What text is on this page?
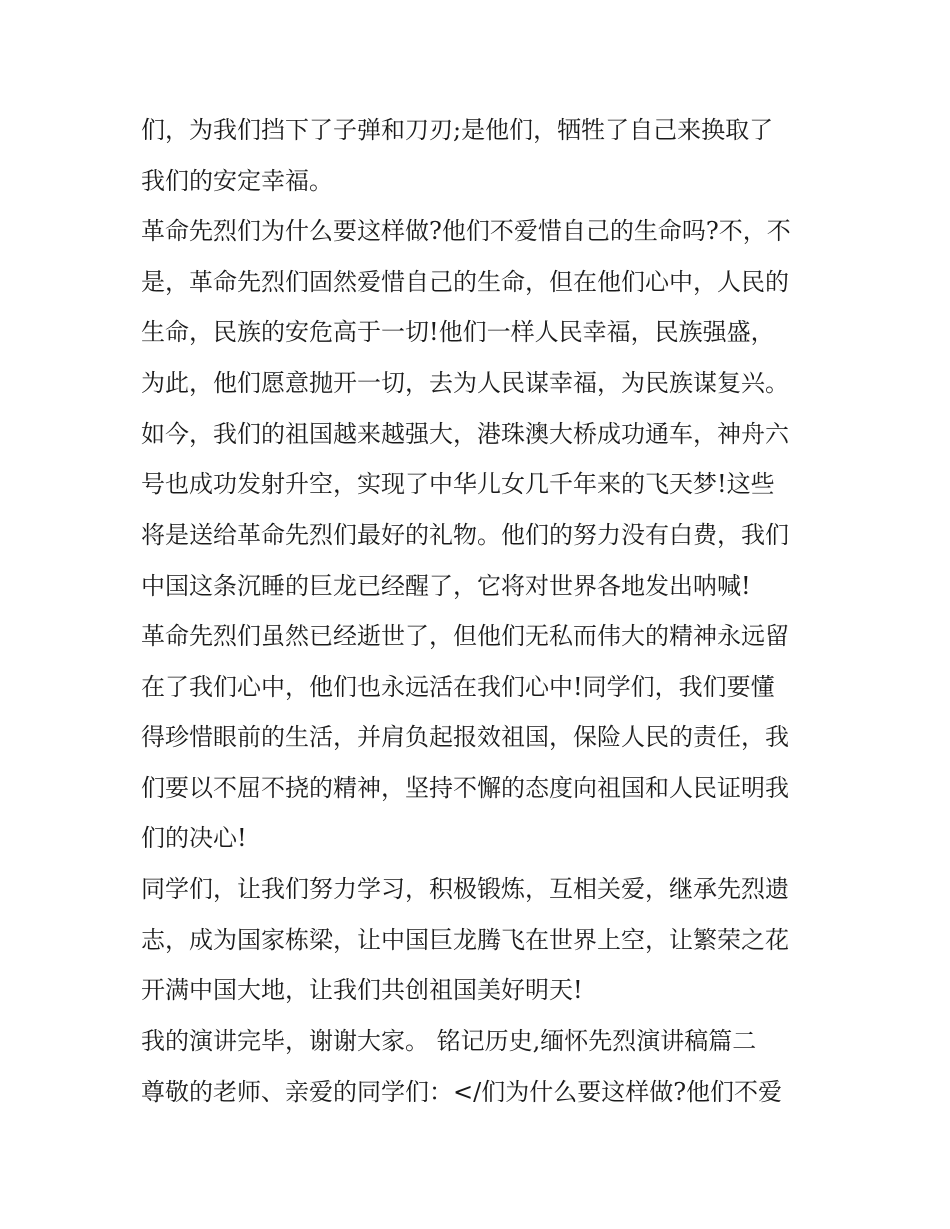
们，为我们挡下了子弹和刀刃;是他们，牺牲了自己来换取了
我们的安定幸福。
革命先烈们为什么要这样做?他们不爱惜自己的生命吗?不，不
是，革命先烈们固然爱惜自己的生命，但在他们心中，人民的
生命，民族的安危高于一切!他们一样人民幸福，民族强盛，
为此，他们愿意抛开一切，去为人民谋幸福，为民族谋复兴。
如今，我们的祖国越来越强大，港珠澳大桥成功通车，神舟六
号也成功发射升空，实现了中华儿女几千年来的飞天梦!这些
将是送给革命先烈们最好的礼物。他们的努力没有白费，我们
中国这条沉睡的巨龙已经醒了，它将对世界各地发出呐喊!
革命先烈们虽然已经逝世了，但他们无私而伟大的精神永远留
在了我们心中，他们也永远活在我们心中!同学们，我们要懂
得珍惜眼前的生活，并肩负起报效祖国，保险人民的责任，我
们要以不屈不挠的精神，坚持不懈的态度向祖国和人民证明我
们的决心!
同学们，让我们努力学习，积极锻炼，互相关爱，继承先烈遗
志，成为国家栋梁，让中国巨龙腾飞在世界上空，让繁荣之花
开满中国大地，让我们共创祖国美好明天!
我的演讲完毕，谢谢大家。 铭记历史,缅怀先烈演讲稿篇二
尊敬的老师、亲爱的同学们：</们为什么要这样做?他们不爱
